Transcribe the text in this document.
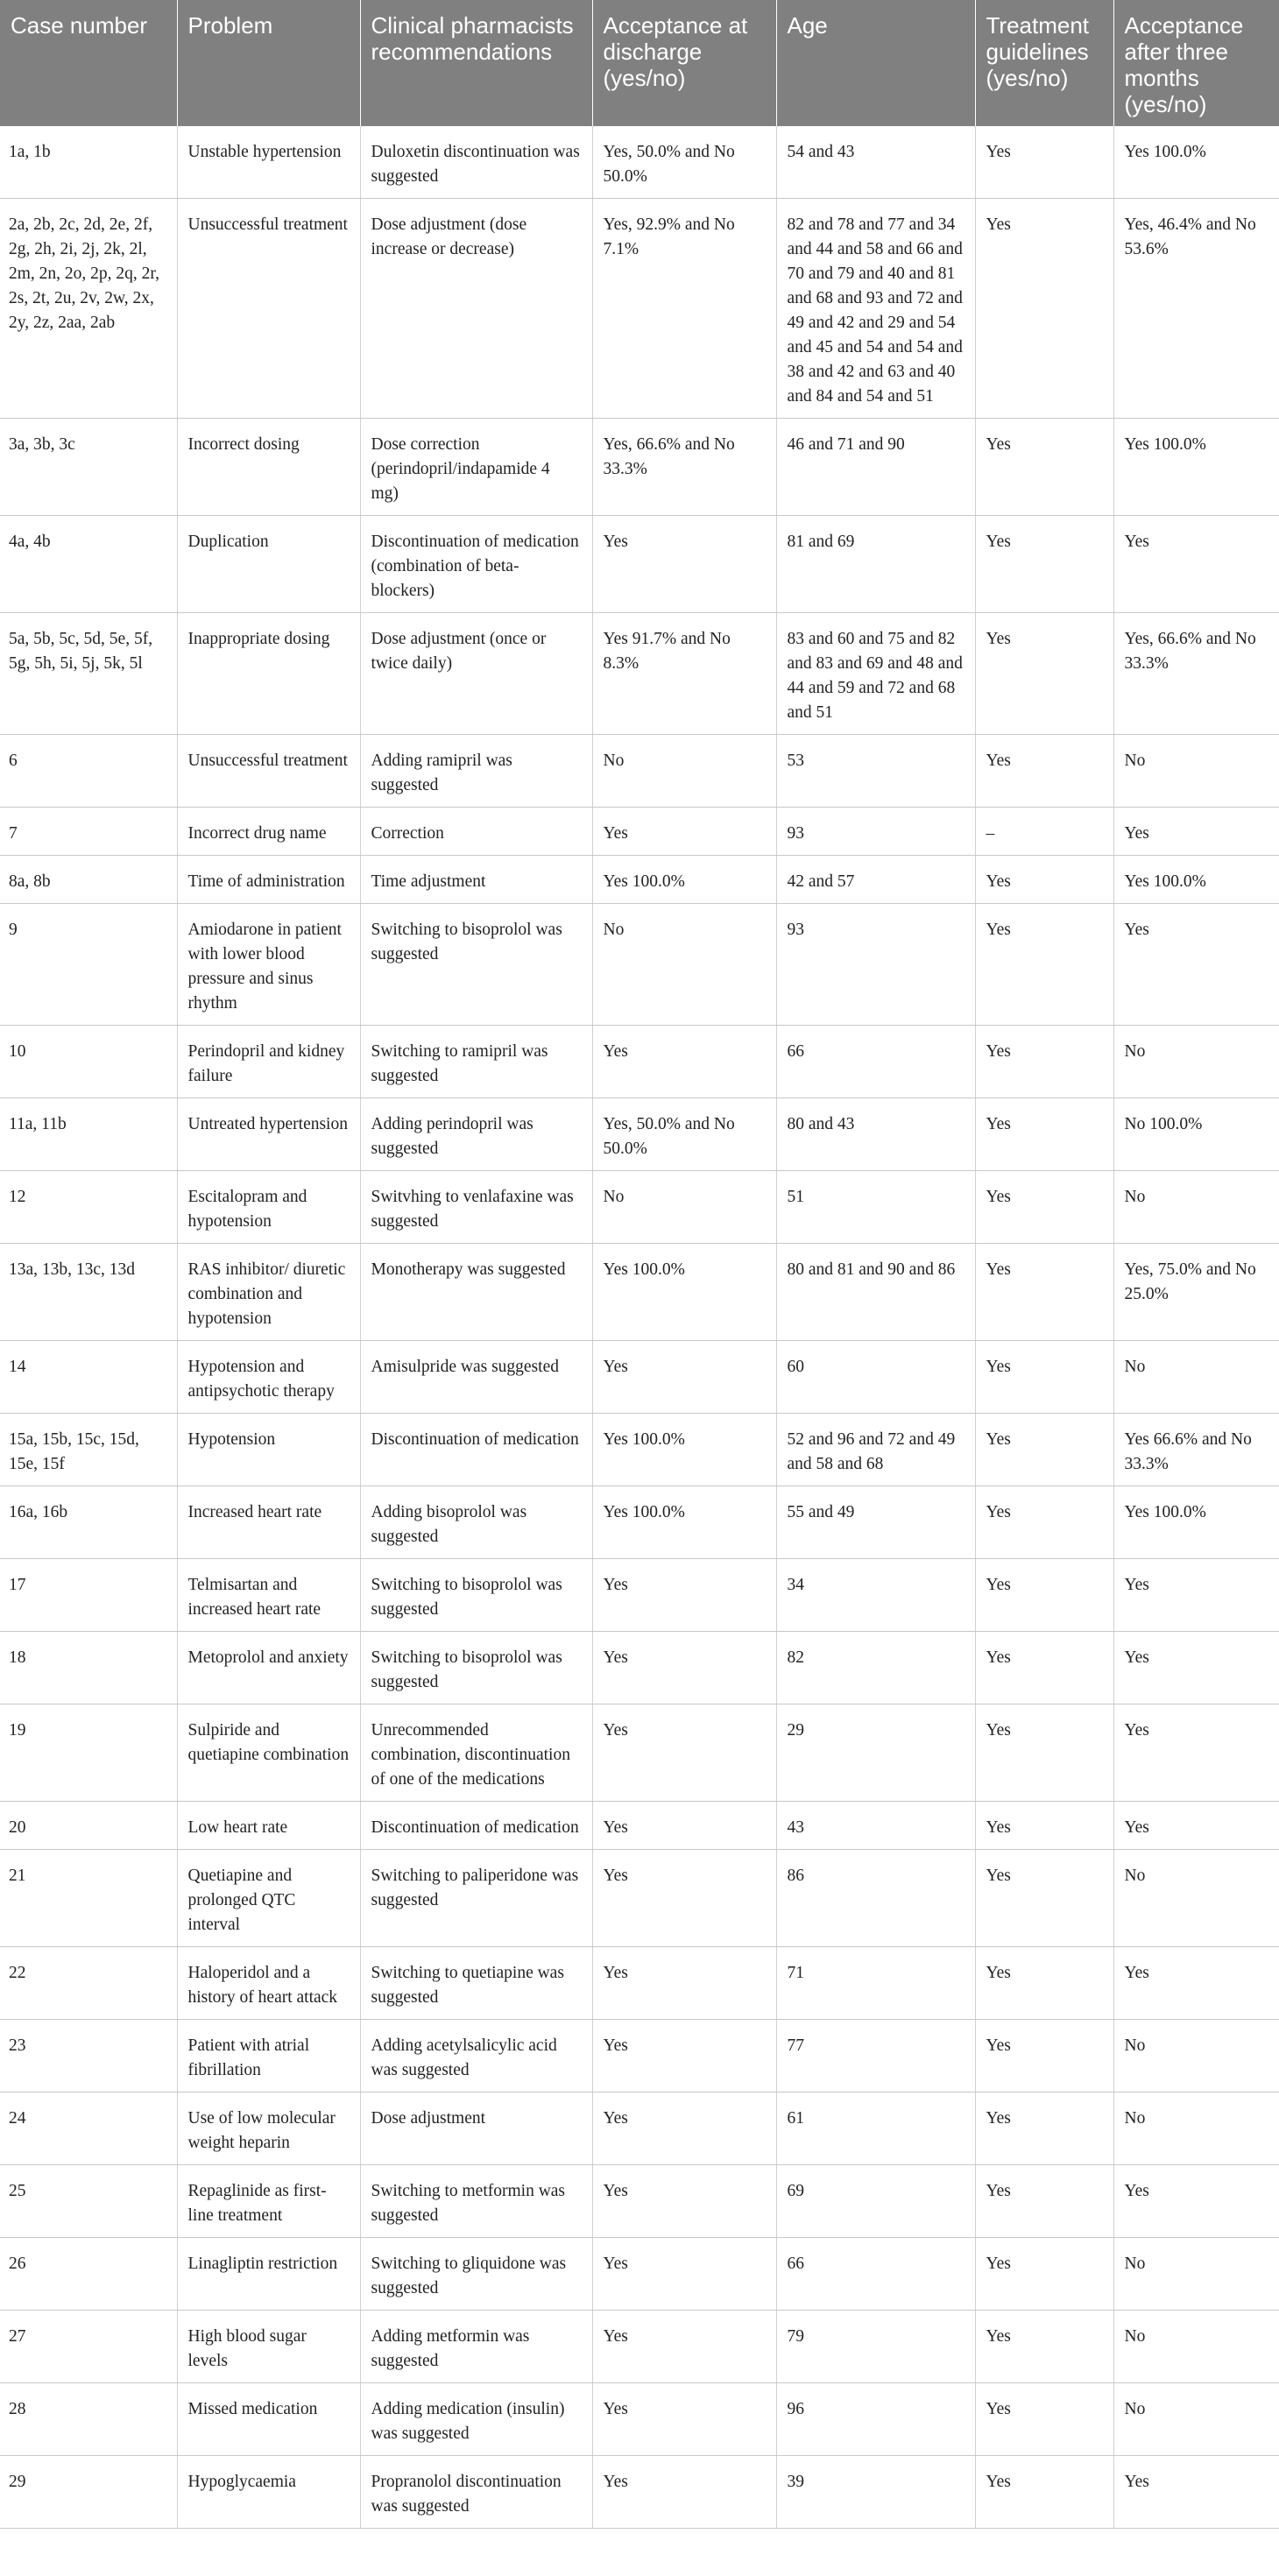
Case number	Problem	Clinical pharmacists recommendations	Acceptance at discharge (yes/no)	Age	Treatment guidelines (yes/no)	Acceptance after three months (yes/no)
1a, 1b	Unstable hypertension	Duloxetin discontinuation was suggested	Yes, 50.0% and No 50.0%	54 and 43	Yes	Yes 100.0%
2a, 2b, 2c, 2d, 2e, 2f, 2g, 2h, 2i, 2j, 2k, 2l, 2m, 2n, 2o, 2p, 2q, 2r, 2s, 2t, 2u, 2v, 2w, 2x, 2y, 2z, 2aa, 2ab	Unsuccessful treatment	Dose adjustment (dose increase or decrease)	Yes, 92.9% and No 7.1%	82 and 78 and 77 and 34 and 44 and 58 and 66 and 70 and 79 and 40 and 81 and 68 and 93 and 72 and 49 and 42 and 29 and 54 and 45 and 54 and 54 and 38 and 42 and 63 and 40 and 84 and 54 and 51	Yes	Yes, 46.4% and No 53.6%
3a, 3b, 3c	Incorrect dosing	Dose correction (perindopril/indapamide 4 mg)	Yes, 66.6% and No 33.3%	46 and 71 and 90	Yes	Yes 100.0%
4a, 4b	Duplication	Discontinuation of medication (combination of beta-blockers)	Yes	81 and 69	Yes	Yes
5a, 5b, 5c, 5d, 5e, 5f, 5g, 5h, 5i, 5j, 5k, 5l	Inappropriate dosing	Dose adjustment (once or twice daily)	Yes 91.7% and No 8.3%	83 and 60 and 75 and 82 and 83 and 69 and 48 and 44 and 59 and 72 and 68 and 51	Yes	Yes, 66.6% and No 33.3%
6	Unsuccessful treatment	Adding ramipril was suggested	No	53	Yes	No
7	Incorrect drug name	Correction	Yes	93	–	Yes
8a, 8b	Time of administration	Time adjustment	Yes 100.0%	42 and 57	Yes	Yes 100.0%
9	Amiodarone in patient with lower blood pressure and sinus rhythm	Switching to bisoprolol was suggested	No	93	Yes	Yes
10	Perindopril and kidney failure	Switching to ramipril was suggested	Yes	66	Yes	No
11a, 11b	Untreated hypertension	Adding perindopril was suggested	Yes, 50.0% and No 50.0%	80 and 43	Yes	No 100.0%
12	Escitalopram and hypotension	Switvhing to venlafaxine was suggested	No	51	Yes	No
13a, 13b, 13c, 13d	RAS inhibitor/ diuretic combination and hypotension	Monotherapy was suggested	Yes 100.0%	80 and 81 and 90 and 86	Yes	Yes, 75.0% and No 25.0%
14	Hypotension and antipsychotic therapy	Amisulpride was suggested	Yes	60	Yes	No
15a, 15b, 15c, 15d, 15e, 15f	Hypotension	Discontinuation of medication	Yes 100.0%	52 and 96 and 72 and 49 and 58 and 68	Yes	Yes 66.6% and No 33.3%
16a, 16b	Increased heart rate	Adding bisoprolol was suggested	Yes 100.0%	55 and 49	Yes	Yes 100.0%
17	Telmisartan and increased heart rate	Switching to bisoprolol was suggested	Yes	34	Yes	Yes
18	Metoprolol and anxiety	Switching to bisoprolol was suggested	Yes	82	Yes	Yes
19	Sulpiride and quetiapine combination	Unrecommended combination, discontinuation of one of the medications	Yes	29	Yes	Yes
20	Low heart rate	Discontinuation of medication	Yes	43	Yes	Yes
21	Quetiapine and prolonged QTC interval	Switching to paliperidone was suggested	Yes	86	Yes	No
22	Haloperidol and a history of heart attack	Switching to quetiapine was suggested	Yes	71	Yes	Yes
23	Patient with atrial fibrillation	Adding acetylsalicylic acid was suggested	Yes	77	Yes	No
24	Use of low molecular weight heparin	Dose adjustment	Yes	61	Yes	No
25	Repaglinide as first-line treatment	Switching to metformin was suggested	Yes	69	Yes	Yes
26	Linagliptin restriction	Switching to gliquidone was suggested	Yes	66	Yes	No
27	High blood sugar levels	Adding metformin was suggested	Yes	79	Yes	No
28	Missed medication	Adding medication (insulin) was suggested	Yes	96	Yes	No
29	Hypoglycaemia	Propranolol discontinuation was suggested	Yes	39	Yes	Yes
